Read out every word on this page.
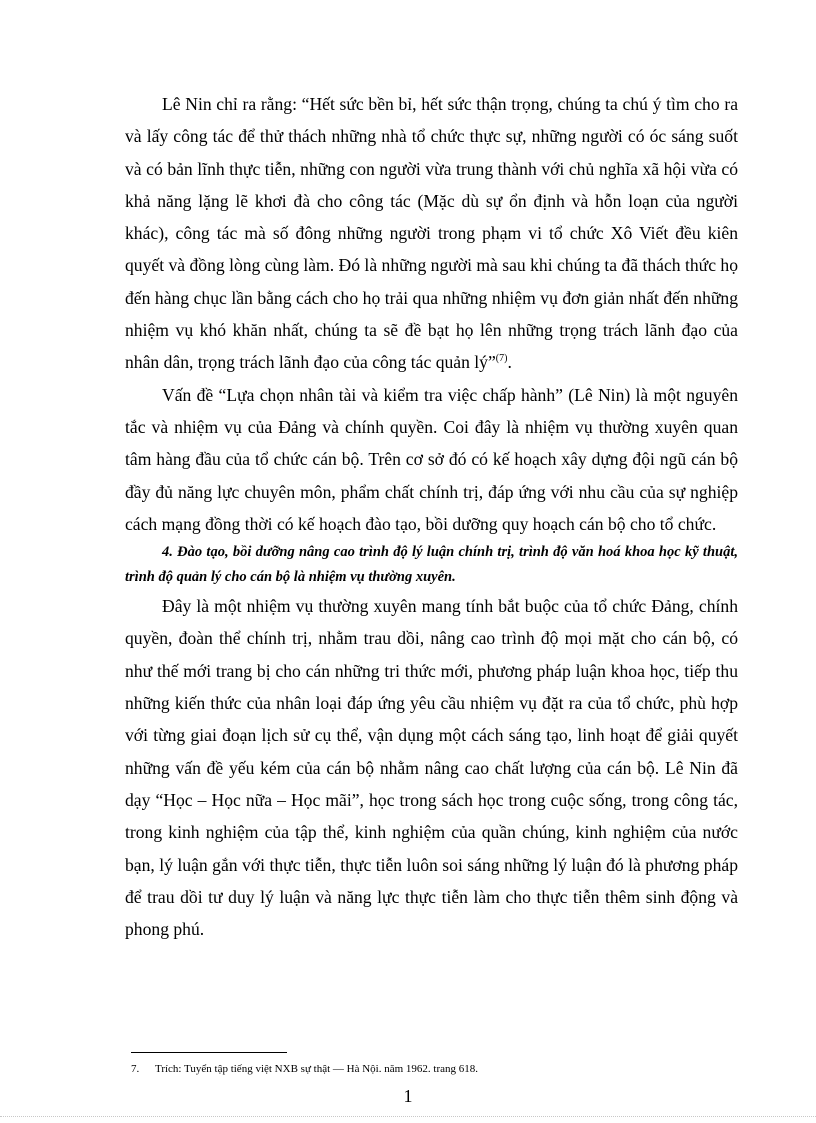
Lê Nin chỉ ra rằng: “Hết sức bền bỉ, hết sức thận trọng, chúng ta chú ý tìm cho ra và lấy công tác để thử thách những nhà tổ chức thực sự, những người có óc sáng suốt và có bản lĩnh thực tiễn, những con người vừa trung thành với chủ nghĩa xã hội vừa có khả năng lặng lẽ khơi đà cho công tác (Mặc dù sự ổn định và hỗn loạn của người khác), công tác mà số đông những người trong phạm vi tổ chức Xô Viết đều kiên quyết và đồng lòng cùng làm. Đó là những người mà sau khi chúng ta đã thách thức họ đến hàng chục lần bằng cách cho họ trải qua những nhiệm vụ đơn giản nhất đến những nhiệm vụ khó khăn nhất, chúng ta sẽ đề bạt họ lên những trọng trách lãnh đạo của nhân dân, trọng trách lãnh đạo của công tác quản lý”$^{(7)}$.

Vấn đề “Lựa chọn nhân tài và kiểm tra việc chấp hành” (Lê Nin) là một nguyên tắc và nhiệm vụ của Đảng và chính quyền. Coi đây là nhiệm vụ thường xuyên quan tâm hàng đầu của tổ chức cán bộ. Trên cơ sở đó có kế hoạch xây dựng đội ngũ cán bộ đầy đủ năng lực chuyên môn, phẩm chất chính trị, đáp ứng với nhu cầu của sự nghiệp cách mạng đồng thời có kế hoạch đào tạo, bồi dưỡng quy hoạch cán bộ cho tổ chức.

4. Đào tạo, bồi dưỡng nâng cao trình độ lý luận chính trị, trình độ văn hoá khoa học kỹ thuật, trình độ quản lý cho cán bộ là nhiệm vụ thường xuyên.

Đây là một nhiệm vụ thường xuyên mang tính bắt buộc của tổ chức Đảng, chính quyền, đoàn thể chính trị, nhằm trau dồi, nâng cao trình độ mọi mặt cho cán bộ, có như thế mới trang bị cho cán những tri thức mới, phương pháp luận khoa học, tiếp thu những kiến thức của nhân loại đáp ứng yêu cầu nhiệm vụ đặt ra của tổ chức, phù hợp với từng giai đoạn lịch sử cụ thể, vận dụng một cách sáng tạo, linh hoạt để giải quyết những vấn đề yếu kém của cán bộ nhằm nâng cao chất lượng của cán bộ. Lê Nin đã dạy “Học – Học nữa – Học mãi”, học trong sách học trong cuộc sống, trong công tác, trong kinh nghiệm của tập thể, kinh nghiệm của quần chúng, kinh nghiệm của nước bạn, lý luận gắn với thực tiễn, thực tiễn luôn soi sáng những lý luận đó là phương pháp để trau dồi tư duy lý luận và năng lực thực tiễn làm cho thực tiễn thêm sinh động và phong phú.

7. Trích: Tuyển tập tiếng việt NXB sự thật — Hà Nội. năm 1962. trang 618.
1
